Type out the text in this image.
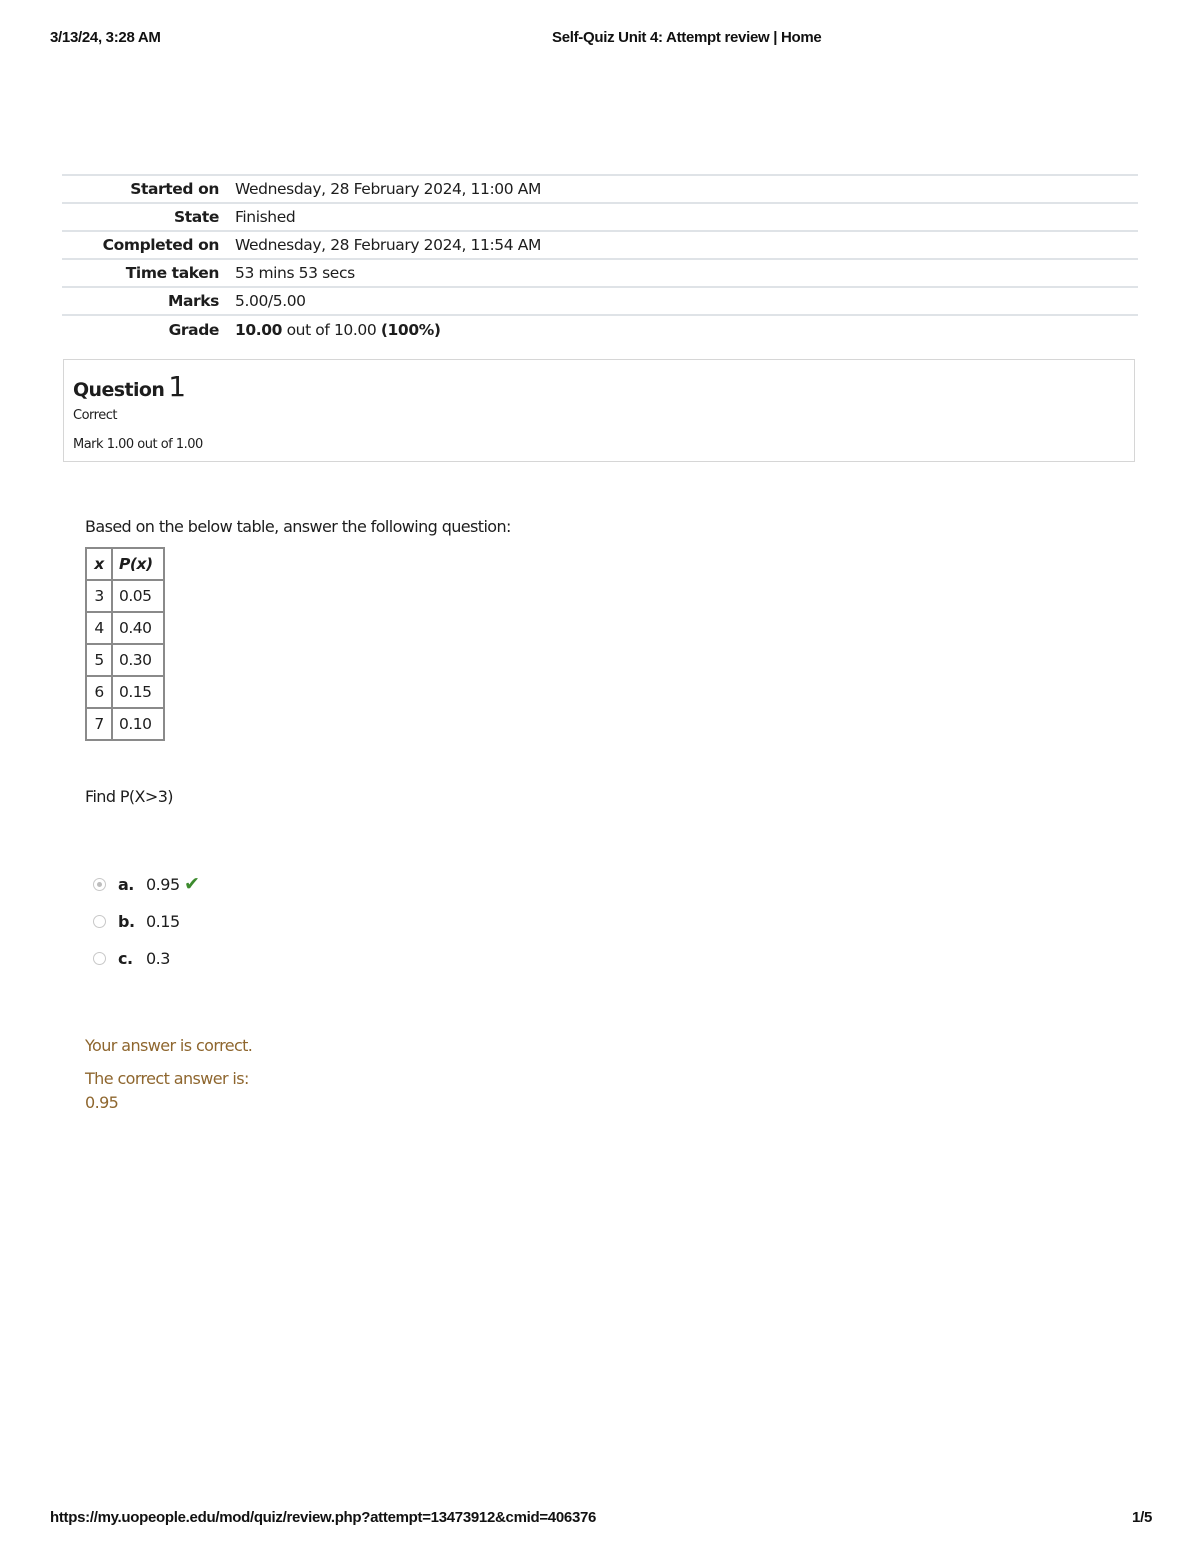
3/13/24, 3:28 AM	Self-Quiz Unit 4: Attempt review | Home
Started on	Wednesday, 28 February 2024, 11:00 AM
State	Finished
Completed on	Wednesday, 28 February 2024, 11:54 AM
Time taken	53 mins 53 secs
Marks	5.00/5.00
Grade	10.00 out of 10.00 (100%)
Question 1
Correct
Mark 1.00 out of 1.00
Based on the below table, answer the following question:
x	P(x)
3	0.05
4	0.40
5	0.30
6	0.15
7	0.10
Find P(X>3)
a. 0.95 ✔
b. 0.15
c. 0.3
Your answer is correct.
The correct answer is:
0.95
https://my.uopeople.edu/mod/quiz/review.php?attempt=13473912&cmid=406376	1/5
